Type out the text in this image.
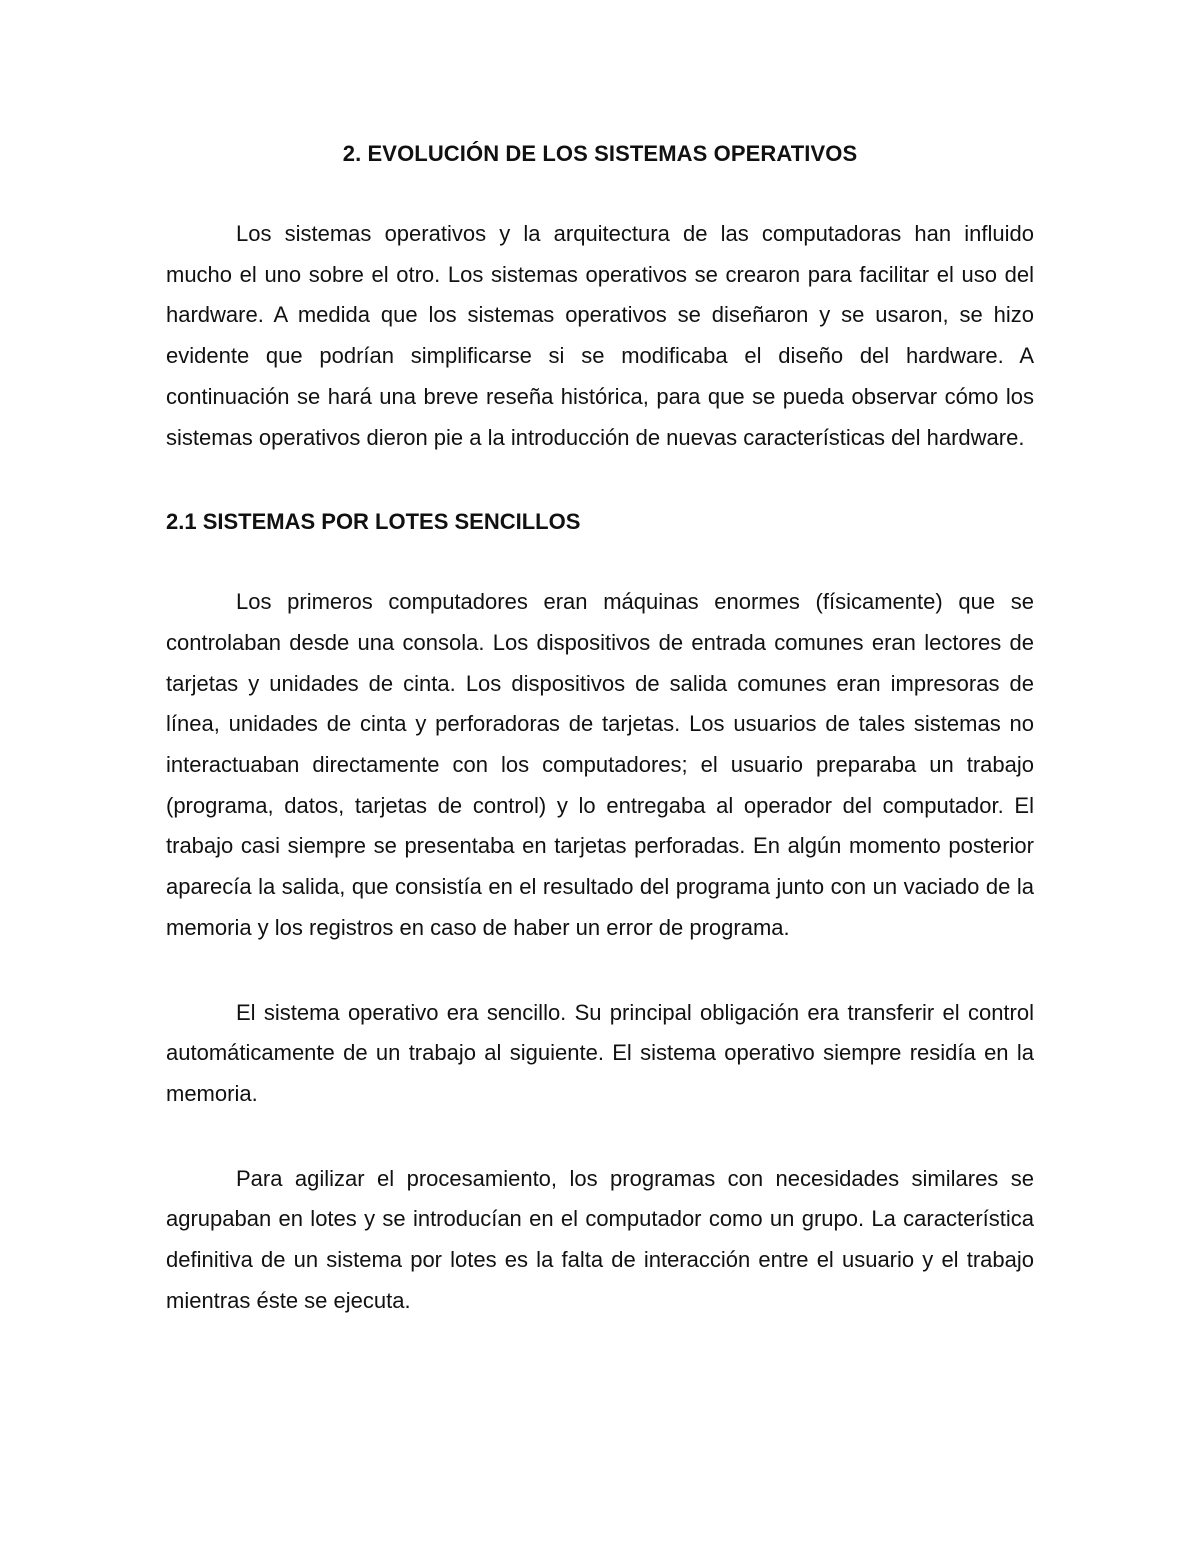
2. EVOLUCIÓN DE LOS SISTEMAS OPERATIVOS

Los sistemas operativos y la arquitectura de las computadoras han influido mucho el uno sobre el otro. Los sistemas operativos se crearon para facilitar el uso del hardware. A medida que los sistemas operativos se diseñaron y se usaron, se hizo evidente que podrían simplificarse si se modificaba el diseño del hardware. A continuación se hará una breve reseña histórica, para que se pueda observar cómo los sistemas operativos dieron pie a la introducción de nuevas características del hardware.

2.1 SISTEMAS POR LOTES SENCILLOS

Los primeros computadores eran máquinas enormes (físicamente) que se controlaban desde una consola. Los dispositivos de entrada comunes eran lectores de tarjetas y unidades de cinta. Los dispositivos de salida comunes eran impresoras de línea, unidades de cinta y perforadoras de tarjetas. Los usuarios de tales sistemas no interactuaban directamente con los computadores; el usuario preparaba un trabajo (programa, datos, tarjetas de control) y lo entregaba al operador del computador. El trabajo casi siempre se presentaba en tarjetas perforadas. En algún momento posterior aparecía la salida, que consistía en el resultado del programa junto con un vaciado de la memoria y los registros en caso de haber un error de programa.

El sistema operativo era sencillo. Su principal obligación era transferir el control automáticamente de un trabajo al siguiente. El sistema operativo siempre residía en la memoria.

Para agilizar el procesamiento, los programas con necesidades similares se agrupaban en lotes y se introducían en el computador como un grupo. La característica definitiva de un sistema por lotes es la falta de interacción entre el usuario y el trabajo mientras éste se ejecuta.
